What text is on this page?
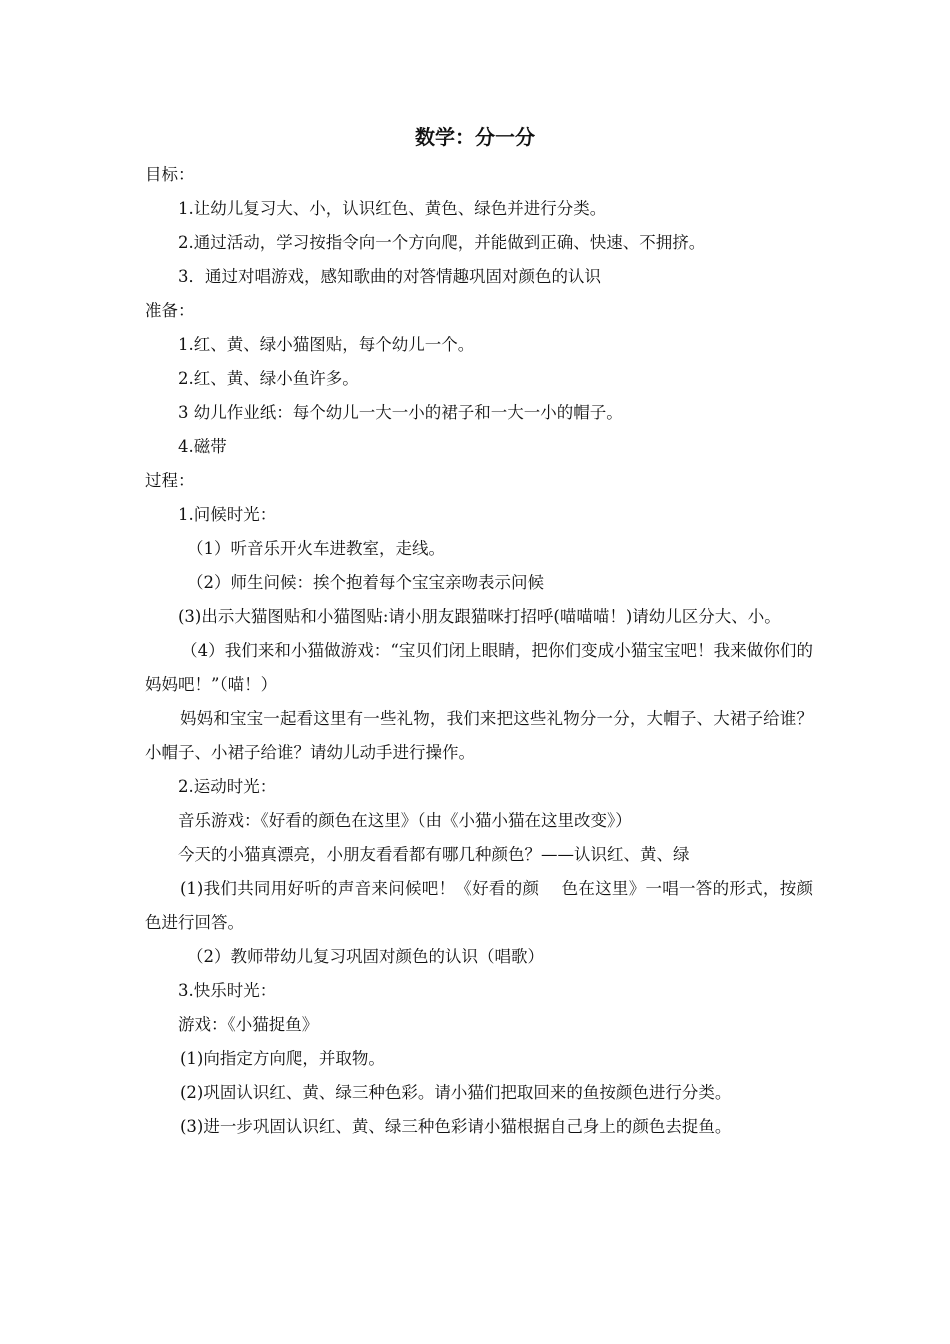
数学：分一分

目标：

1.让幼儿复习大、小，认识红色、黄色、绿色并进行分类。

2.通过活动，学习按指令向一个方向爬，并能做到正确、快速、不拥挤。

3．通过对唱游戏，感知歌曲的对答情趣巩固对颜色的认识

准备：

1.红、黄、绿小猫图贴，每个幼儿一个。

2.红、黄、绿小鱼许多。

3 幼儿作业纸：每个幼儿一大一小的裙子和一大一小的帽子。

4.磁带

过程：

1.问候时光：

（1）听音乐开火车进教室，走线。

（2）师生问候：挨个抱着每个宝宝亲吻表示问候

(3)出示大猫图贴和小猫图贴:请小朋友跟猫咪打招呼(喵喵喵！)请幼儿区分大、小。

（4）我们来和小猫做游戏：“宝贝们闭上眼睛，把你们变成小猫宝宝吧！我来做你们的妈妈吧！”（喵！）

妈妈和宝宝一起看这里有一些礼物，我们来把这些礼物分一分，大帽子、大裙子给谁？小帽子、小裙子给谁？请幼儿动手进行操作。

2.运动时光：

音乐游戏：《好看的颜色在这里》（由《小猫小猫在这里改变》）

今天的小猫真漂亮，小朋友看看都有哪几种颜色？——认识红、黄、绿

(1)我们共同用好听的声音来问候吧！《好看的颜　 色在这里》一唱一答的形式，按颜色进行回答。

（2）教师带幼儿复习巩固对颜色的认识（唱歌）

3.快乐时光：

游戏：《小猫捉鱼》

(1)向指定方向爬，并取物。

(2)巩固认识红、黄、绿三种色彩。请小猫们把取回来的鱼按颜色进行分类。

(3)进一步巩固认识红、黄、绿三种色彩请小猫根据自己身上的颜色去捉鱼。
